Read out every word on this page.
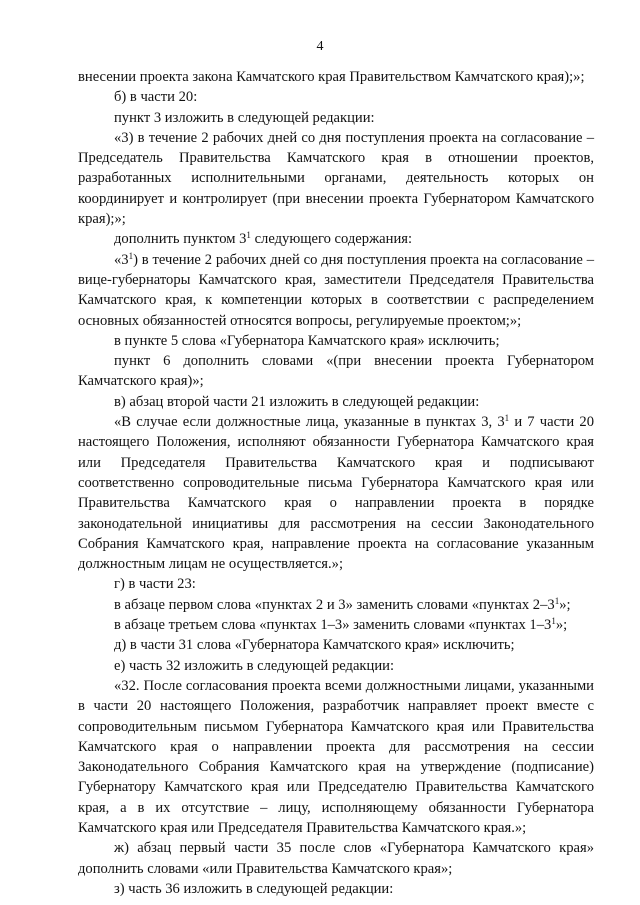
4

внесении проекта закона Камчатского края Правительством Камчатского края);»;

б) в части 20:

пункт 3 изложить в следующей редакции:

«3) в течение 2 рабочих дней со дня поступления проекта на согласование – Председатель Правительства Камчатского края в отношении проектов, разработанных исполнительными органами, деятельность которых он координирует и контролирует (при внесении проекта Губернатором Камчатского края);»;

дополнить пунктом $3^1$ следующего содержания:

«$3^1$) в течение 2 рабочих дней со дня поступления проекта на согласование – вице-губернаторы Камчатского края, заместители Председателя Правительства Камчатского края, к компетенции которых в соответствии с распределением основных обязанностей относятся вопросы, регулируемые проектом;»;

в пункте 5 слова «Губернатора Камчатского края» исключить;

пункт 6 дополнить словами «(при внесении проекта Губернатором Камчатского края)»;

в) абзац второй части 21 изложить в следующей редакции:

«В случае если должностные лица, указанные в пунктах 3, $3^1$ и 7 части 20 настоящего Положения, исполняют обязанности Губернатора Камчатского края или Председателя Правительства Камчатского края и подписывают соответственно сопроводительные письма Губернатора Камчатского края или Правительства Камчатского края о направлении проекта в порядке законодательной инициативы для рассмотрения на сессии Законодательного Собрания Камчатского края, направление проекта на согласование указанным должностным лицам не осуществляется.»;

г) в части 23:

в абзаце первом слова «пунктах 2 и 3» заменить словами «пунктах $2-3^1$»;

в абзаце третьем слова «пунктах 1–3» заменить словами «пунктах $1-3^1$»;

д) в части 31 слова «Губернатора Камчатского края» исключить;

е) часть 32 изложить в следующей редакции:

«32. После согласования проекта всеми должностными лицами, указанными в части 20 настоящего Положения, разработчик направляет проект вместе с сопроводительным письмом Губернатора Камчатского края или Правительства Камчатского края о направлении проекта для рассмотрения на сессии Законодательного Собрания Камчатского края на утверждение (подписание) Губернатору Камчатского края или Председателю Правительства Камчатского края, а в их отсутствие – лицу, исполняющему обязанности Губернатора Камчатского края или Председателя Правительства Камчатского края.»;

ж) абзац первый части 35 после слов «Губернатора Камчатского края» дополнить словами «или Правительства Камчатского края»;

з) часть 36 изложить в следующей редакции:
